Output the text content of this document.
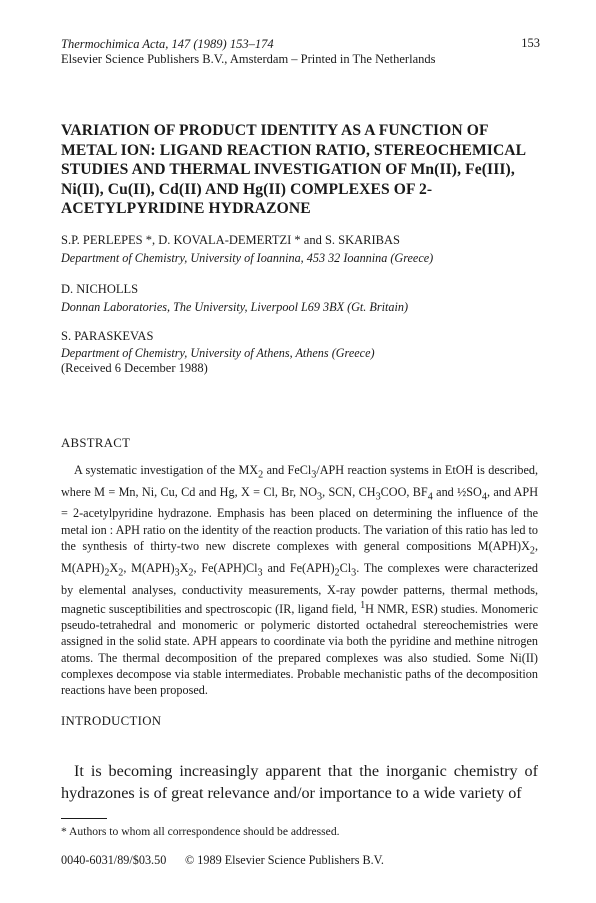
Thermochimica Acta, 147 (1989) 153–174	153
Elsevier Science Publishers B.V., Amsterdam – Printed in The Netherlands
VARIATION OF PRODUCT IDENTITY AS A FUNCTION OF METAL ION: LIGAND REACTION RATIO, STEREOCHEMICAL STUDIES AND THERMAL INVESTIGATION OF Mn(II), Fe(III), Ni(II), Cu(II), Cd(II) AND Hg(II) COMPLEXES OF 2-ACETYLPYRIDINE HYDRAZONE
S.P. PERLEPES *, D. KOVALA-DEMERTZI * and S. SKARIBAS
Department of Chemistry, University of Ioannina, 453 32 Ioannina (Greece)
D. NICHOLLS
Donnan Laboratories, The University, Liverpool L69 3BX (Gt. Britain)
S. PARASKEVAS
Department of Chemistry, University of Athens, Athens (Greece)
(Received 6 December 1988)
ABSTRACT
A systematic investigation of the $MX_2$ and FeCl$_3$/APH reaction systems in EtOH is described, where M = Mn, Ni, Cu, Cd and Hg, X = Cl, Br, $NO_3$, SCN, $CH_3COO$, $BF_4$ and $\frac{1}{2}SO_4$, and APH = 2-acetylpyridine hydrazone. Emphasis has been placed on determining the influence of the metal ion : APH ratio on the identity of the reaction products. The variation of this ratio has led to the synthesis of thirty-two new discrete complexes with general compositions $M(APH)X_2$, $M(APH)_2X_2$, $M(APH)_3X_2$, $Fe(APH)Cl_3$ and $Fe(APH)_2Cl_3$. The complexes were characterized by elemental analyses, conductivity measurements, X-ray powder patterns, thermal methods, magnetic susceptibilities and spectroscopic (IR, ligand field, $^1$H NMR, ESR) studies. Monomeric pseudo-tetrahedral and monomeric or polymeric distorted octahedral stereochemistries were assigned in the solid state. APH appears to coordinate via both the pyridine and methine nitrogen atoms. The thermal decomposition of the prepared complexes was also studied. Some Ni(II) complexes decompose via stable intermediates. Probable mechanistic paths of the decomposition reactions have been proposed.
INTRODUCTION
It is becoming increasingly apparent that the inorganic chemistry of hydrazones is of great relevance and/or importance to a wide variety of
* Authors to whom all correspondence should be addressed.
0040-6031/89/$03.50 © 1989 Elsevier Science Publishers B.V.
